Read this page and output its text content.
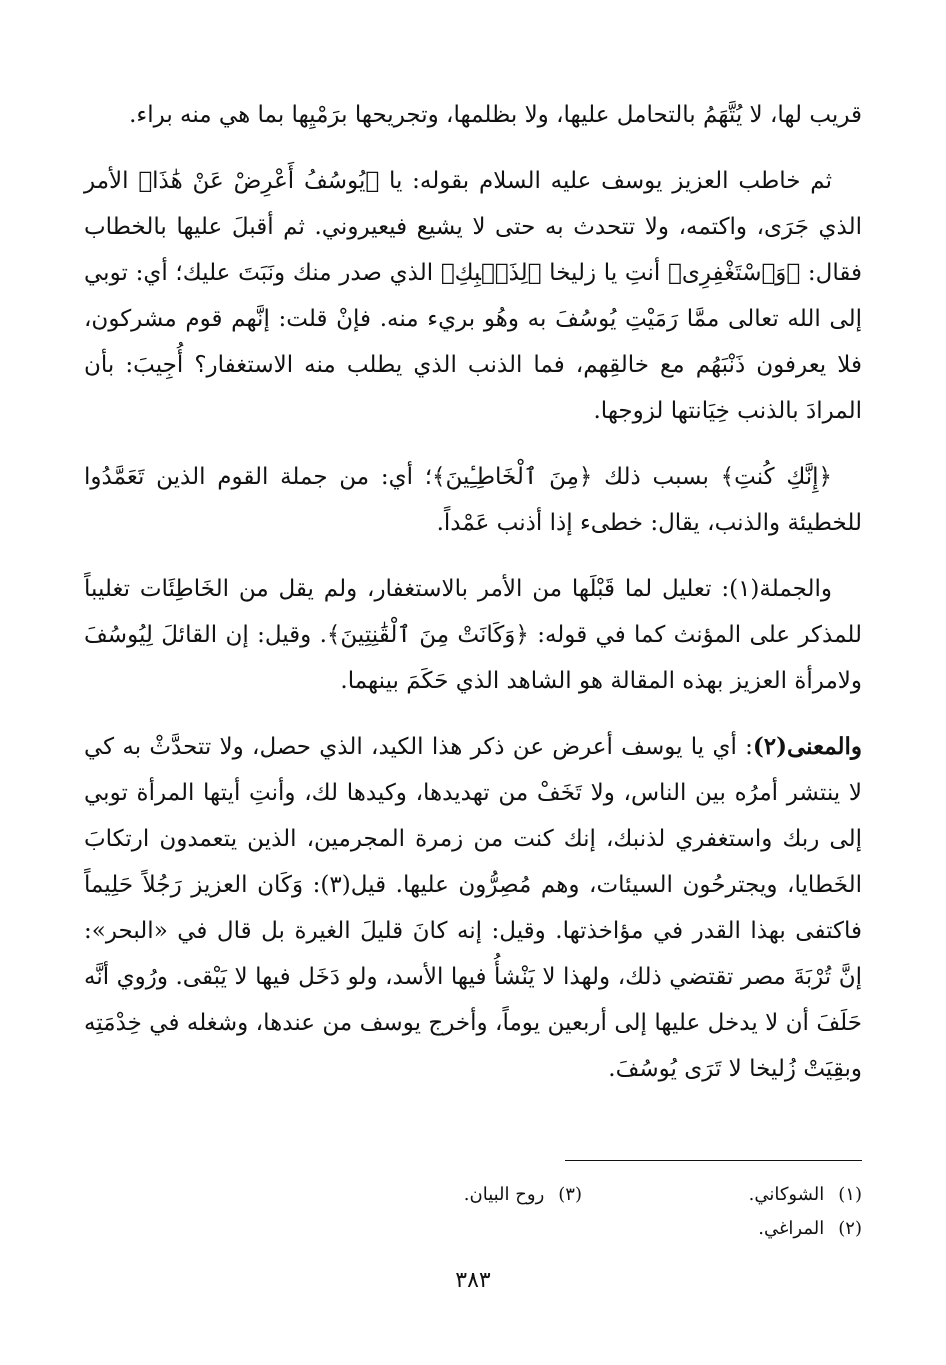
قريب لها، لا يُتَّهَمُ بالتحامل عليها، ولا بظلمها، وتجريحها برَمْيِها بما هي منه براء.

ثم خاطب العزيز يوسف عليه السلام بقوله: يا ﴿يُوسُفُ أَعْرِضْ عَنْ هَٰذَا﴾ الأمر الذي جَرَى، واكتمه، ولا تتحدث به حتى لا يشيع فيعيروني. ثم أقبلَ عليها بالخطاب فقال: ﴿وَٱسْتَغْفِرِى﴾ أنتِ يا زليخا ﴿لِذَنۢبِكِ﴾ الذي صدر منك ونَبَتَ عليك؛ أي: توبي إلى الله تعالى ممَّا رَمَيْتِ يُوسُفَ به وهُو بريء منه. فإنْ قلت: إنَّهم قوم مشركون، فلا يعرفون ذَنْبَهُم مع خالقِهم، فما الذنب الذي يطلب منه الاستغفار؟ أُجِيبَ: بأن المرادَ بالذنب خِيَانتها لزوجها.

﴿إِنَّكِ كُنتِ﴾ بسبب ذلك ﴿مِنَ ٱلْخَاطِـِٔينَ﴾؛ أي: من جملة القوم الذين تَعَمَّدُوا للخطيئة والذنب، يقال: خطىء إذا أذنب عَمْداً.

والجملة(١): تعليل لما قَبْلَها من الأمر بالاستغفار، ولم يقل من الخَاطِئَات تغليباً للمذكر على المؤنث كما في قوله: ﴿وَكَانَتْ مِنَ ٱلْقَٰنِتِينَ﴾. وقيل: إن القائلَ لِيُوسُفَ ولامرأة العزيز بهذه المقالة هو الشاهد الذي حَكَمَ بينهما.

والمعنى(٢): أي يا يوسف أعرض عن ذكر هذا الكيد، الذي حصل، ولا تتحدَّثْ به كي لا ينتشر أمرُه بين الناس، ولا تَخَفْ من تهديدها، وكيدها لك، وأنتِ أيتها المرأة توبي إلى ربك واستغفري لذنبك، إنك كنت من زمرة المجرمين، الذين يتعمدون ارتكابَ الخَطايا، ويجترحُون السيئات، وهم مُصِرُّون عليها. قيل(٣): وَكَان العزيز رَجُلاً حَلِيماً فاكتفى بهذا القدر في مؤاخذتها. وقيل: إنه كانَ قليلَ الغيرة بل قال في «البحر»: إنَّ تُرْبَةَ مصر تقتضي ذلك، ولهذا لا يَنْشأُ فيها الأسد، ولو دَخَل فيها لا يَبْقى. ورُوي أنَّه حَلَفَ أن لا يدخل عليها إلى أربعين يوماً، وأخرج يوسف من عندها، وشغله في خِدْمَتِه وبقِيَتْ زُليخا لا تَرَى يُوسُفَ.

(١)الشوكاني.
(٣)روح البيان.
(٢)المراغي.
٣٨٣
